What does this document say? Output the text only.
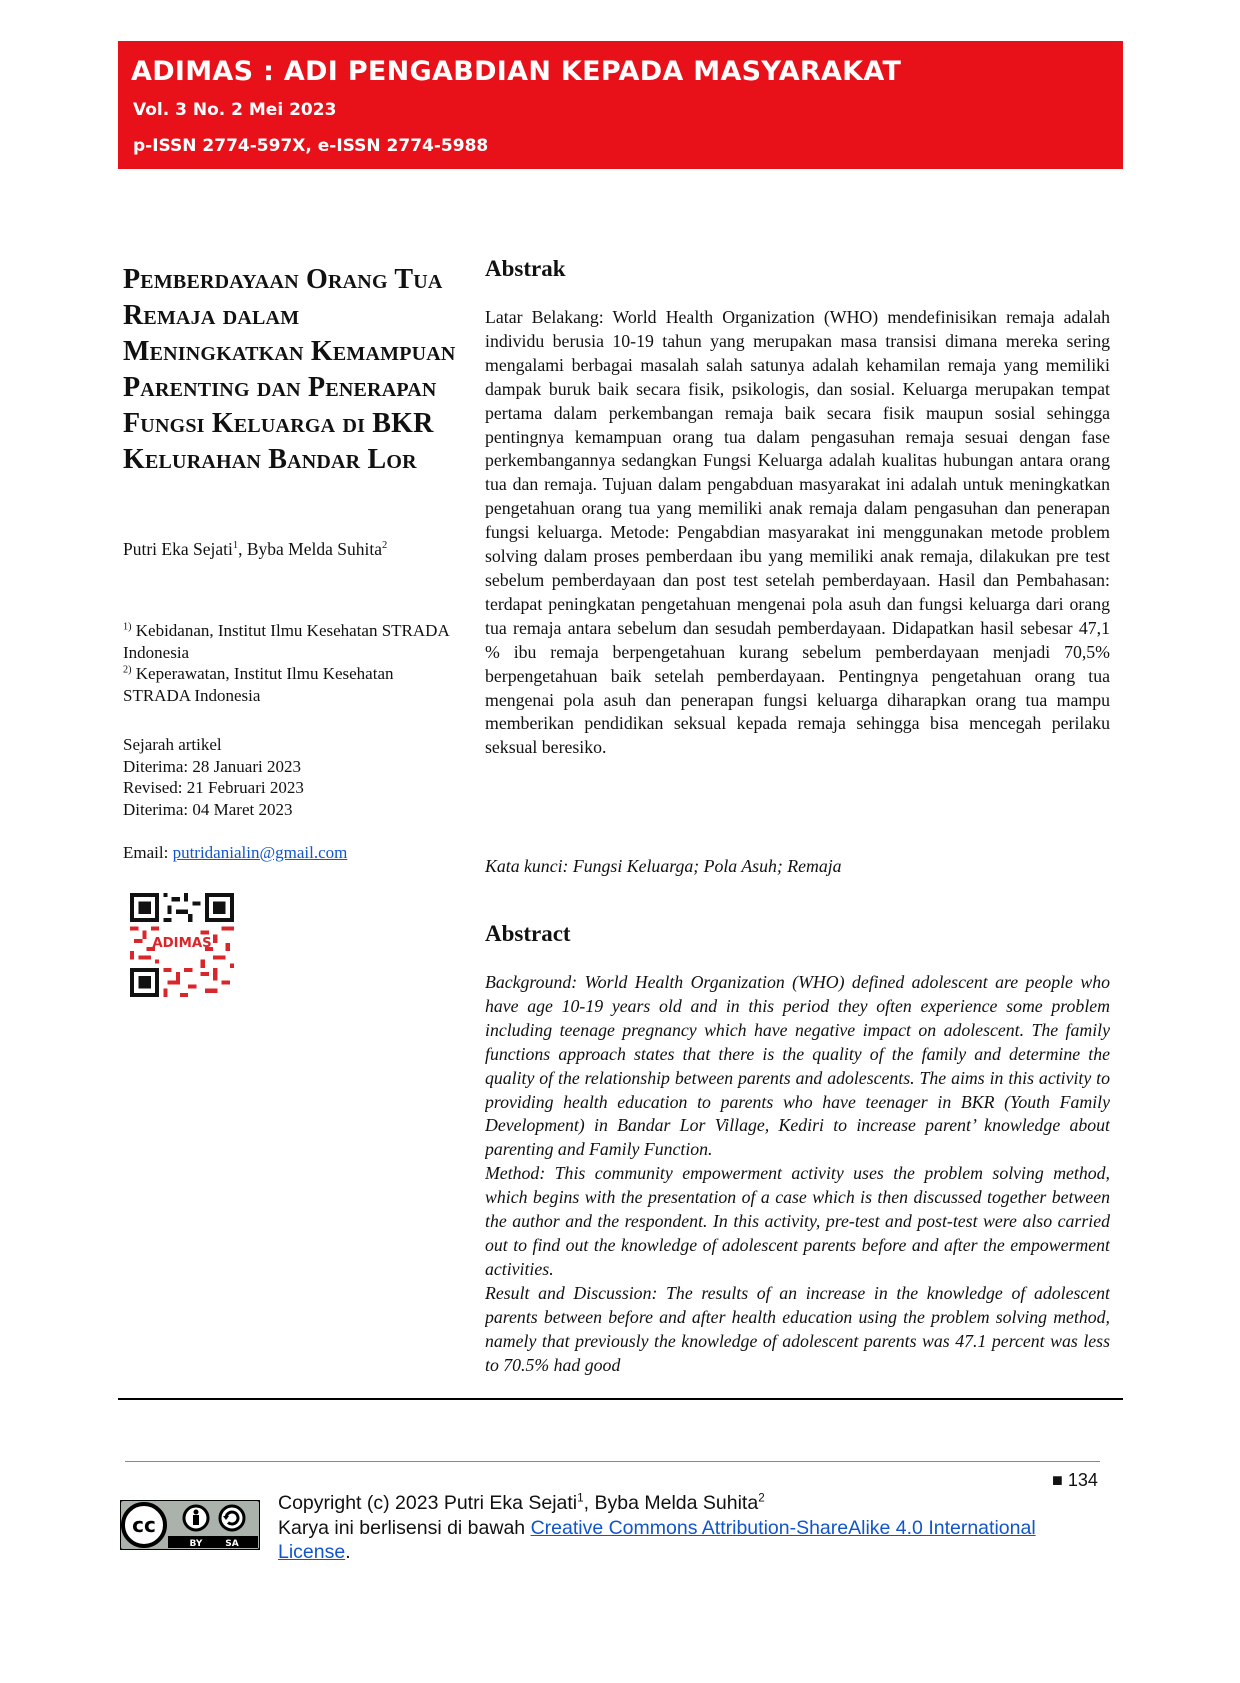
ADIMAS : ADI PENGABDIAN KEPADA MASYARAKAT
Vol. 3 No. 2 Mei 2023
p-ISSN 2774-597X, e-ISSN 2774-5988
Pemberdayaan Orang Tua Remaja dalam Meningkatkan Kemampuan Parenting dan Penerapan Fungsi Keluarga di BKR Kelurahan Bandar Lor
Putri Eka Sejati$^1$, Byba Melda Suhita$^2$
$^{1)}$ Kebidanan, Institut Ilmu Kesehatan STRADA Indonesia
$^{2)}$ Keperawatan, Institut Ilmu Kesehatan STRADA Indonesia
Sejarah artikel
Diterima: 28 Januari 2023
Revised: 21 Februari 2023
Diterima: 04 Maret 2023
Email: putridanialin@gmail.com
ADIMAS
Abstrak

Latar Belakang: World Health Organization (WHO) mendefinisikan remaja adalah individu berusia 10-19 tahun yang merupakan masa transisi dimana mereka sering mengalami berbagai masalah salah satunya adalah kehamilan remaja yang memiliki dampak buruk baik secara fisik, psikologis, dan sosial. Keluarga merupakan tempat pertama dalam perkembangan remaja baik secara fisik maupun sosial sehingga pentingnya kemampuan orang tua dalam pengasuhan remaja sesuai dengan fase perkembangannya sedangkan Fungsi Keluarga adalah kualitas hubungan antara orang tua dan remaja. Tujuan dalam pengabduan masyarakat ini adalah untuk meningkatkan pengetahuan orang tua yang memiliki anak remaja dalam pengasuhan dan penerapan fungsi keluarga. Metode: Pengabdian masyarakat ini menggunakan metode problem solving dalam proses pemberdaan ibu yang memiliki anak remaja, dilakukan pre test sebelum pemberdayaan dan post test setelah pemberdayaan. Hasil dan Pembahasan: terdapat peningkatan pengetahuan mengenai pola asuh dan fungsi keluarga dari orang tua remaja antara sebelum dan sesudah pemberdayaan. Didapatkan hasil sebesar 47,1 % ibu remaja berpengetahuan kurang sebelum pemberdayaan menjadi 70,5% berpengetahuan baik setelah pemberdayaan. Pentingnya pengetahuan orang tua mengenai pola asuh dan penerapan fungsi keluarga diharapkan orang tua mampu memberikan pendidikan seksual kepada remaja sehingga bisa mencegah perilaku seksual beresiko.

Kata kunci: Fungsi Keluarga; Pola Asuh; Remaja
Abstract

Background: World Health Organization (WHO) defined adolescent are people who have age 10-19 years old and in this period they often experience some problem including teenage pregnancy which have negative impact on adolescent. The family functions approach states that there is the quality of the family and determine the quality of the relationship between parents and adolescents. The aims in this activity to providing health education to parents who have teenager in BKR (Youth Family Development) in Bandar Lor Village, Kediri to increase parent’ knowledge about parenting and Family Function.

Method: This community empowerment activity uses the problem solving method, which begins with the presentation of a case which is then discussed together between the author and the respondent. In this activity, pre-test and post-test were also carried out to find out the knowledge of adolescent parents before and after the empowerment activities.

Result and Discussion: The results of an increase in the knowledge of adolescent parents between before and after health education using the problem solving method, namely that previously the knowledge of adolescent parents was 47.1 percent was less to 70.5% had good

■ 134
cc
BY	SA
Copyright (c) 2023 Putri Eka Sejati$^1$, Byba Melda Suhita$^2$
Karya ini berlisensi di bawah Creative Commons Attribution-ShareAlike 4.0 International License.
